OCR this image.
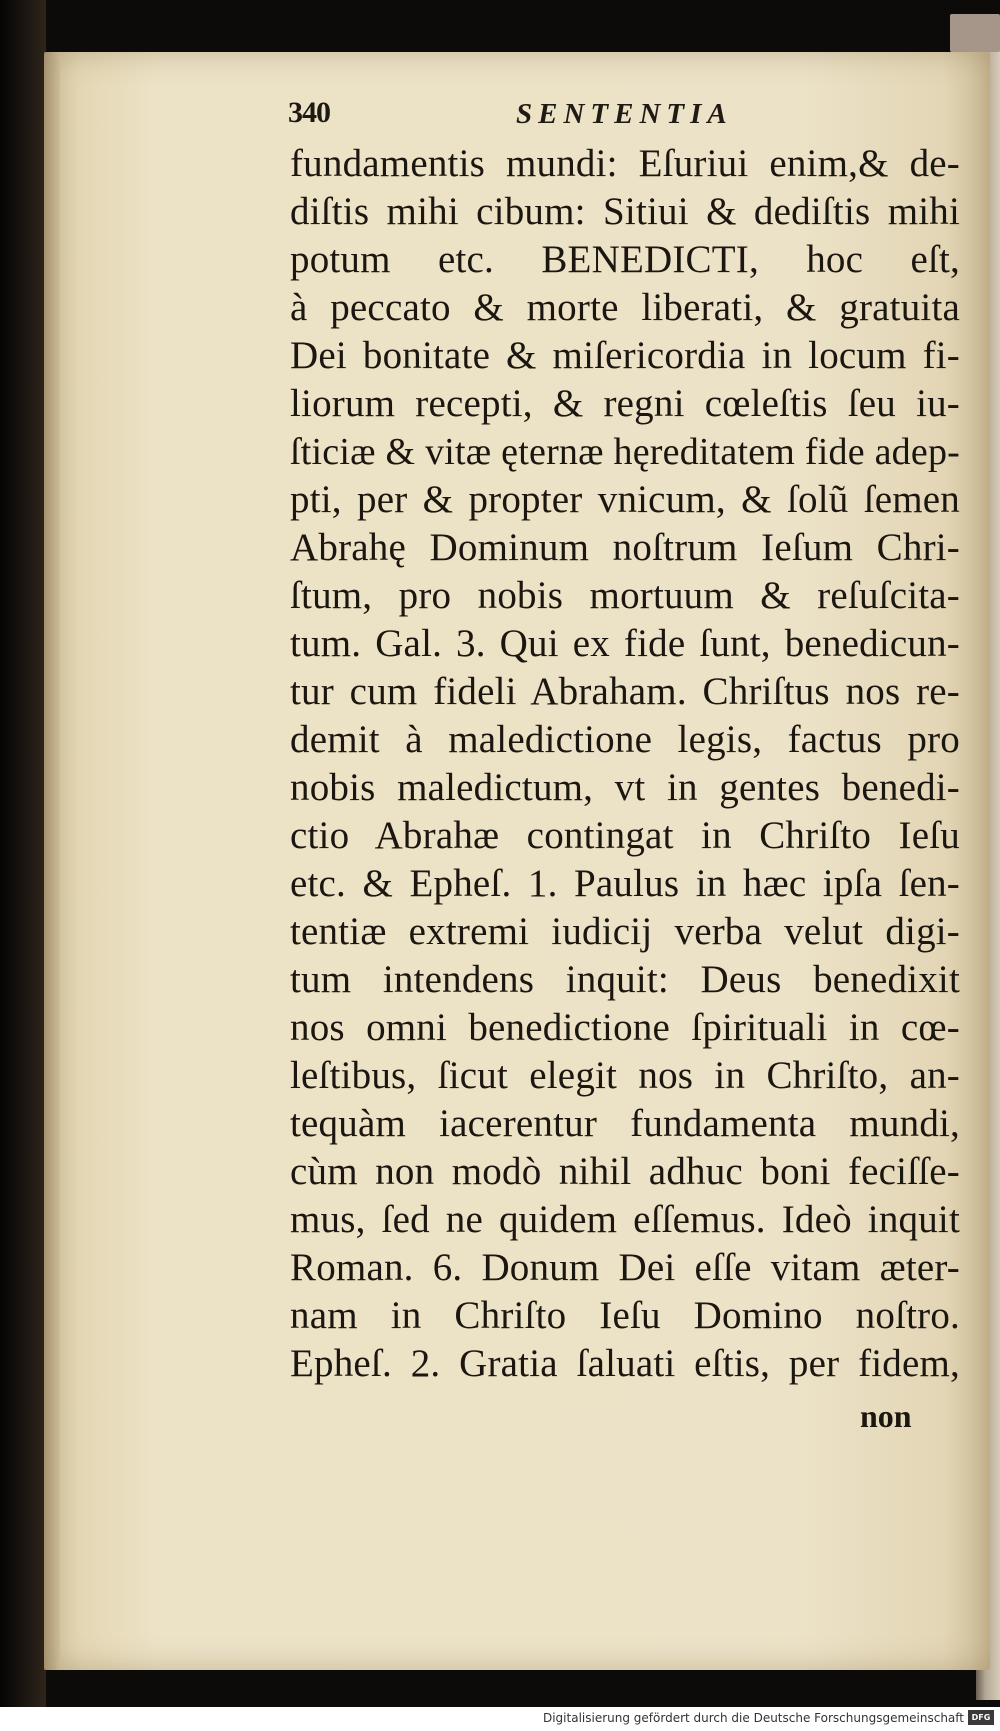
340	SENTENTIA
fundamentis mundi: Eſuriui enim,& de-
diſtis mihi cibum: Sitiui & dediſtis mihi
potum etc. BENEDICTI, hoc eſt,
à peccato & morte liberati, & gratuita
Dei bonitate & miſericordia in locum fi-
liorum recepti, & regni cœleſtis ſeu iu-
ſticiæ & vitæ ęternæ hęreditatem fide adep-
pti, per & propter vnicum, & ſolũ ſemen
Abrahę Dominum noſtrum Ieſum Chri-
ſtum, pro nobis mortuum & reſuſcita-
tum. Gal. 3. Qui ex fide ſunt, benedicun-
tur cum fideli Abraham. Chriſtus nos re-
demit à maledictione legis, factus pro
nobis maledictum, vt in gentes benedi-
ctio Abrahæ contingat in Chriſto Ieſu
etc. & Epheſ. 1. Paulus in hæc ipſa ſen-
tentiæ extremi iudicij verba velut digi-
tum intendens inquit: Deus benedixit
nos omni benedictione ſpirituali in cœ-
leſtibus, ſicut elegit nos in Chriſto, an-
tequàm iacerentur fundamenta mundi,
cùm non modò nihil adhuc boni feciſſe-
mus, ſed ne quidem eſſemus. Ideò inquit
Roman. 6. Donum Dei eſſe vitam æter-
nam in Chriſto Ieſu Domino noſtro.
Epheſ. 2. Gratia ſaluati eſtis, per fidem,
non
Digitalisierung gefördert durch die Deutsche Forschungsgemeinschaft DFG
